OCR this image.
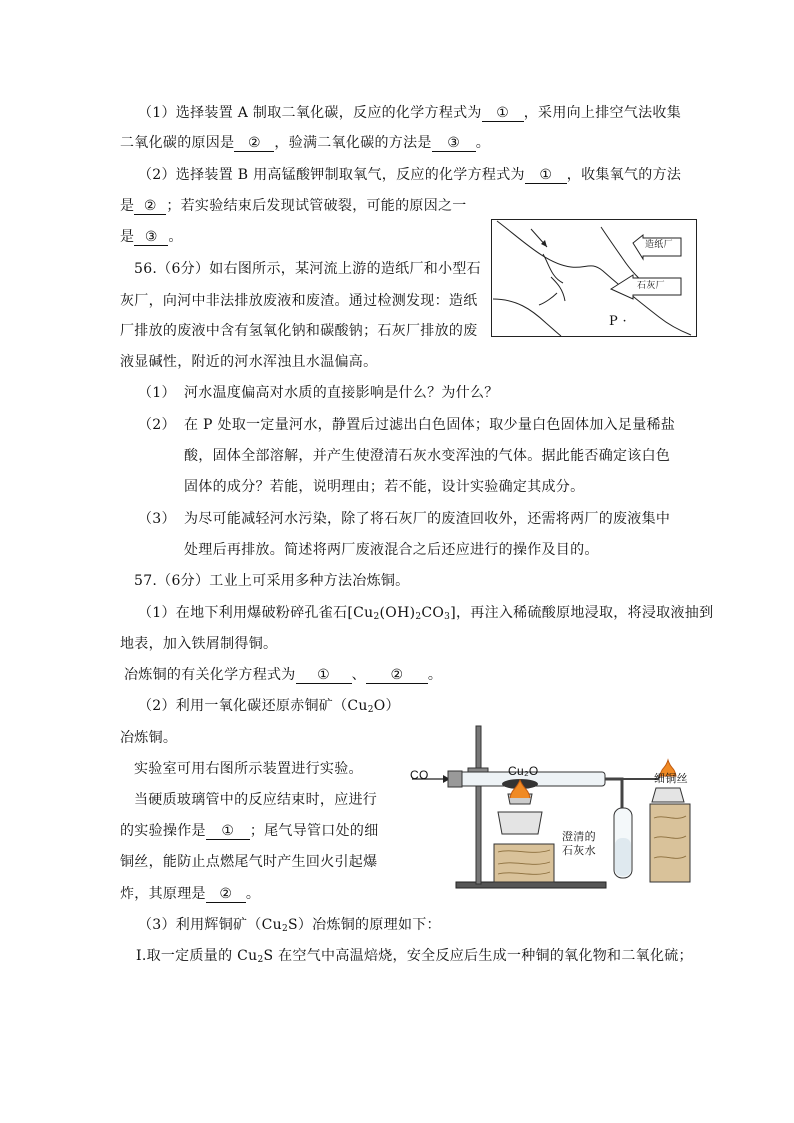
（1）选择装置 A 制取二氧化碳，反应的化学方程式为 ① ，采用向上排空气法收集
二氧化碳的原因是 ② ，验满二氧化碳的方法是 ③ 。
（2）选择装置 B 用高锰酸钾制取氧气，反应的化学方程式为 ① ，收集氧气的方法
是 ② ；若实验结束后发现试管破裂，可能的原因之一
是 ③ 。	造纸厂
石灰厂
P ·
56.（6分）如右图所示，某河流上游的造纸厂和小型石
灰厂，向河中非法排放废液和废渣。通过检测发现：造纸
厂排放的废液中含有氢氧化钠和碳酸钠；石灰厂排放的废
液显碱性，附近的河水浑浊且水温偏高。
（1） 河水温度偏高对水质的直接影响是什么？为什么？
（2） 在 P 处取一定量河水，静置后过滤出白色固体；取少量白色固体加入足量稀盐
酸，固体全部溶解，并产生使澄清石灰水变浑浊的气体。据此能否确定该白色
固体的成分？若能，说明理由；若不能，设计实验确定其成分。
（3） 为尽可能减轻河水污染，除了将石灰厂的废渣回收外，还需将两厂的废液集中
处理后再排放。简述将两厂废液混合之后还应进行的操作及目的。
57.（6分）工业上可采用多种方法冶炼铜。
（1）在地下利用爆破粉碎孔雀石$[Cu_2(OH)_2CO_3]$，再注入稀硫酸原地浸取，将浸取液抽到
地表，加入铁屑制得铜。
冶炼铜的有关化学方程式为 ① 、 ② 。
（2）利用一氧化碳还原赤铜矿$(Cu_2O)$
冶炼铜。
实验室可用右图所示装置进行实验。
当硬质玻璃管中的反应结束时，应进行
的实验操作是 ① ；尾气导管口处的细
铜丝，能防止点燃尾气时产生回火引起爆
炸，其原理是 ② 。
CO	Cu₂O
细铜丝
澄清的
石灰水
（3）利用辉铜矿$(Cu_2S)$冶炼铜的原理如下：
Ⅰ.取一定质量的 $Cu_2S$ 在空气中高温焙烧，安全反应后生成一种铜的氧化物和二氧化硫；
